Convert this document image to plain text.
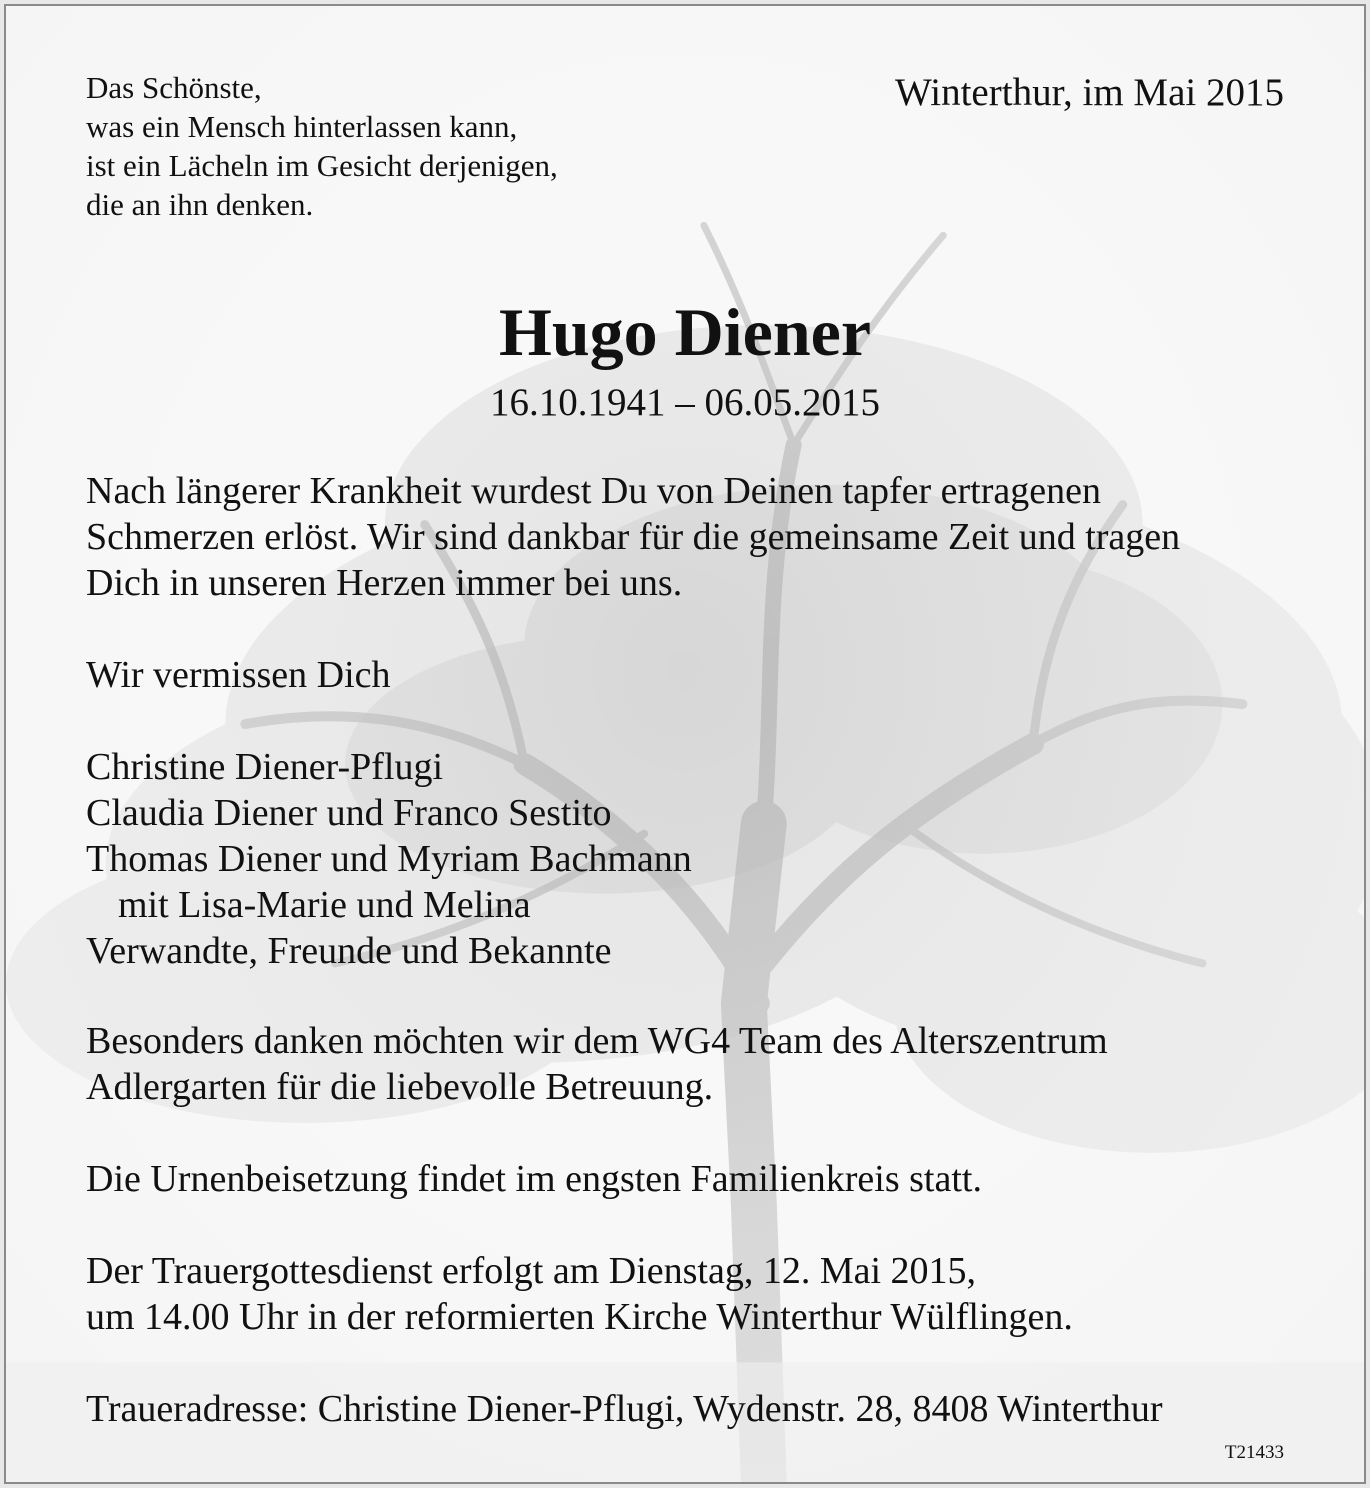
Das Schönste,
was ein Mensch hinterlassen kann,
ist ein Lächeln im Gesicht derjenigen,
die an ihn denken.
Winterthur, im Mai 2015
Hugo Diener
16.10.1941 – 06.05.2015
Nach längerer Krankheit wurdest Du von Deinen tapfer ertragenen
Schmerzen erlöst. Wir sind dankbar für die gemeinsame Zeit und tragen
Dich in unseren Herzen immer bei uns.
Wir vermissen Dich
Christine Diener-Pflugi
Claudia Diener und Franco Sestito
Thomas Diener und Myriam Bachmann
mit Lisa-Marie und Melina
Verwandte, Freunde und Bekannte
Besonders danken möchten wir dem WG4 Team des Alterszentrum
Adlergarten für die liebevolle Betreuung.
Die Urnenbeisetzung findet im engsten Familienkreis statt.
Der Trauergottesdienst erfolgt am Dienstag, 12. Mai 2015,
um 14.00 Uhr in der reformierten Kirche Winterthur Wülflingen.
Traueradresse: Christine Diener-Pflugi, Wydenstr. 28, 8408 Winterthur
T21433
